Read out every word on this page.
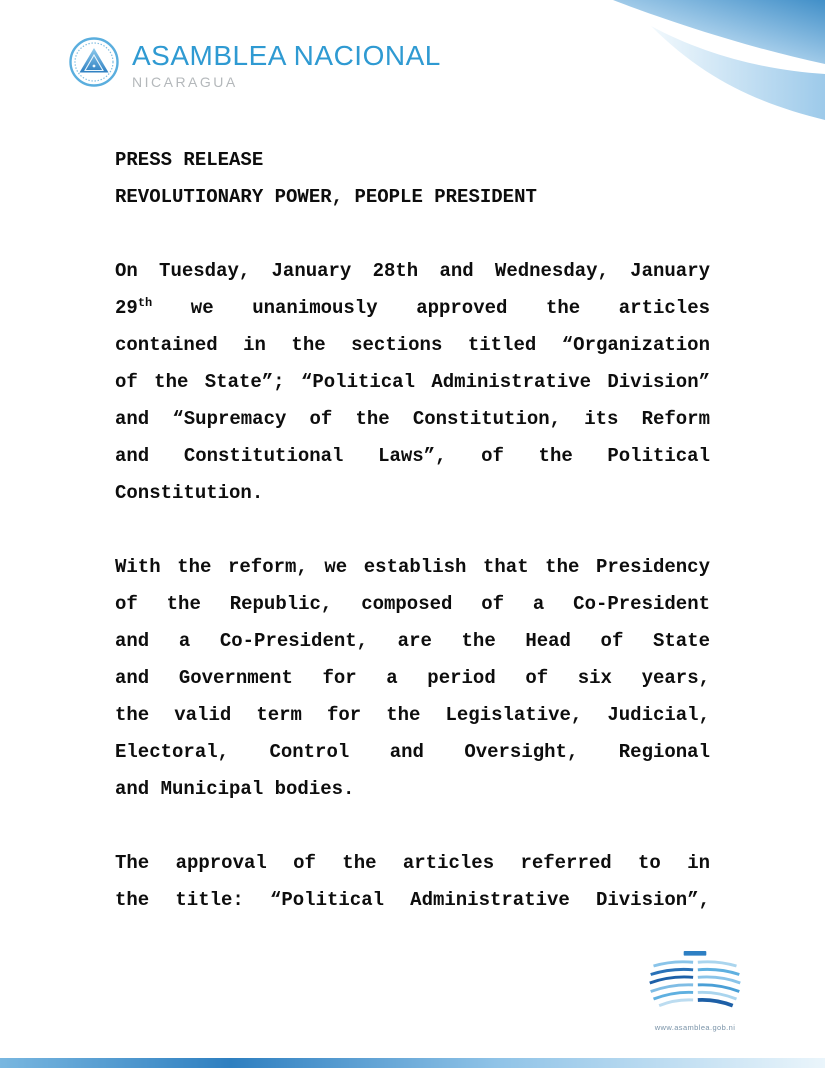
ASAMBLEA NACIONAL
NICARAGUA
PRESS RELEASE
REVOLUTIONARY POWER, PEOPLE PRESIDENT
On Tuesday, January 28th and Wednesday, January
29th we unanimously approved the articles
contained in the sections titled “Organization
of the State”; “Political Administrative Division”
and “Supremacy of the Constitution, its Reform
and Constitutional Laws”, of the Political
Constitution.
With the reform, we establish that the Presidency
of the Republic, composed of a Co-President
and a Co-President, are the Head of State
and Government for a period of six years,
the valid term for the Legislative, Judicial,
Electoral, Control and Oversight, Regional
and Municipal bodies.
The approval of the articles referred to in
the title: “Political Administrative Division”,
www.asamblea.gob.ni
